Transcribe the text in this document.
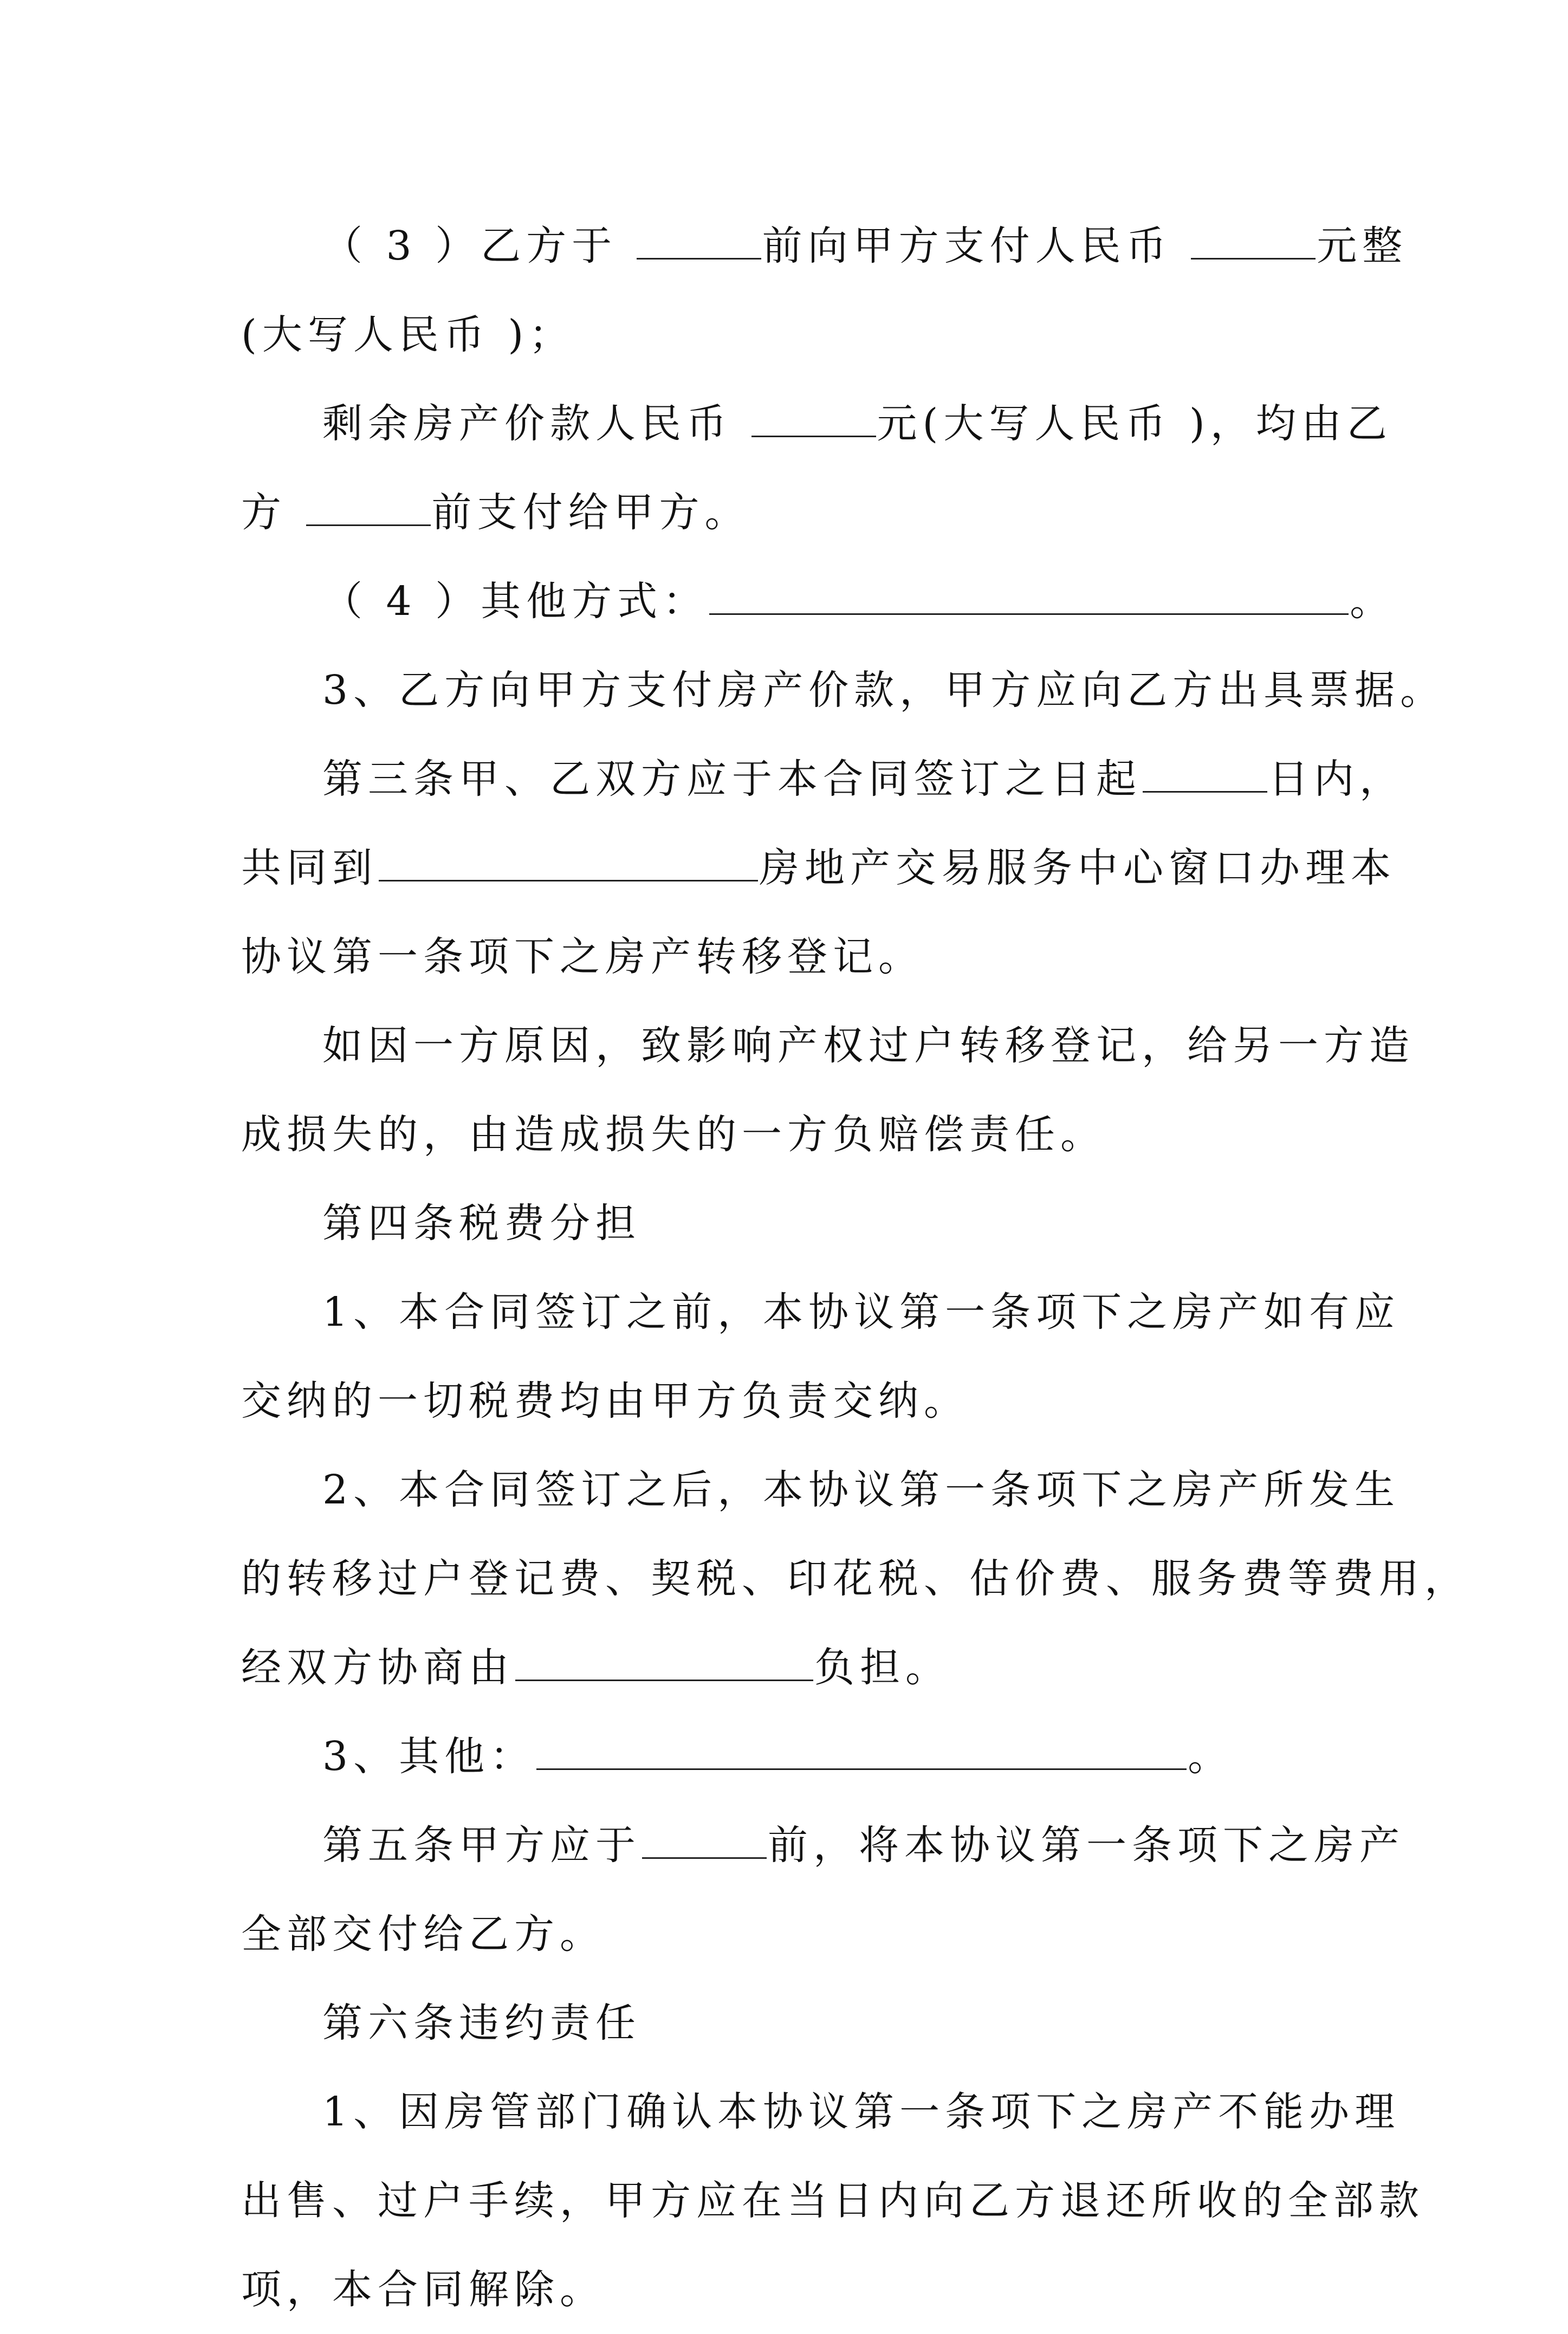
（ 3 ）乙方于	前向甲方支付人民币	元整
(大写人民币 )；
剩余房产价款人民币	元(大写人民币 )，均由乙
方	前支付给甲方。
（ 4 ）其他方式：	。
3、乙方向甲方支付房产价款，甲方应向乙方出具票据。
第三条甲、乙双方应于本合同签订之日起	日内，
共同到	房地产交易服务中心窗口办理本
协议第一条项下之房产转移登记。
如因一方原因，致影响产权过户转移登记，给另一方造
成损失的，由造成损失的一方负赔偿责任。
第四条税费分担
1、本合同签订之前，本协议第一条项下之房产如有应
交纳的一切税费均由甲方负责交纳。
2、本合同签订之后，本协议第一条项下之房产所发生
的转移过户登记费、契税、印花税、估价费、服务费等费用，
经双方协商由	负担。
3、其他：	。
第五条甲方应于	前，将本协议第一条项下之房产
全部交付给乙方。
第六条违约责任
1、因房管部门确认本协议第一条项下之房产不能办理
出售、过户手续，甲方应在当日内向乙方退还所收的全部款
项，本合同解除。
